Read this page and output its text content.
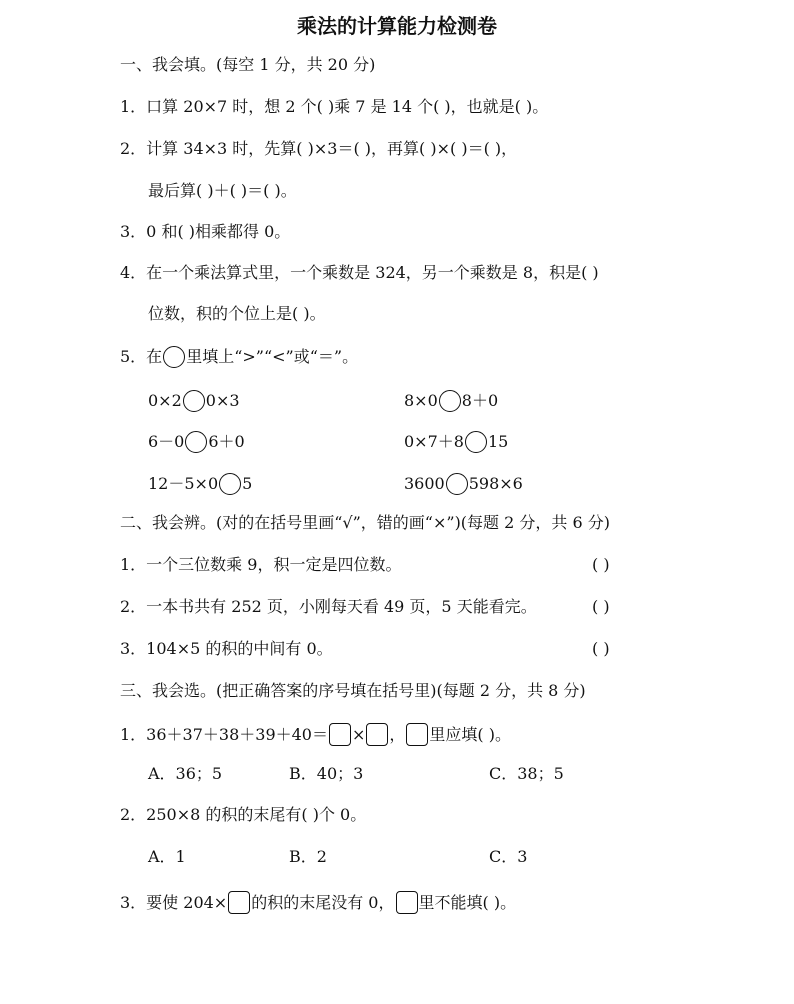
乘法的计算能力检测卷
一、我会填。(每空 1 分，共 20 分)
1．口算 20×7 时，想 2 个( )乘 7 是 14 个( )，也就是( )。
2．计算 34×3 时，先算( )×3＝( )，再算( )×( )＝( )，
最后算( )＋( )＝( )。
3．0 和( )相乘都得 0。
4．在一个乘法算式里，一个乘数是 324，另一个乘数是 8，积是( )
位数，积的个位上是( )。
5．在 里填上“>”“<”或“＝”。
0×2 0×3	8×0 8＋0
6－0 6＋0	0×7＋8 15
12－5×0 5	3600 598×6
二、我会辨。(对的在括号里画“√”，错的画“×”)(每题 2 分，共 6 分)
1．一个三位数乘 9，积一定是四位数。	( )
2．一本书共有 252 页，小刚每天看 49 页，5 天能看完。	( )
3．104×5 的积的中间有 0。	( )
三、我会选。(把正确答案的序号填在括号里)(每题 2 分，共 8 分)
1．36＋37＋38＋39＋40＝ × ， 里应填( )。
A．36；5	B．40；3	C．38；5
2．250×8 的积的末尾有( )个 0。
A．1	B．2	C．3
3．要使 204× 的积的末尾没有 0， 里不能填( )。
